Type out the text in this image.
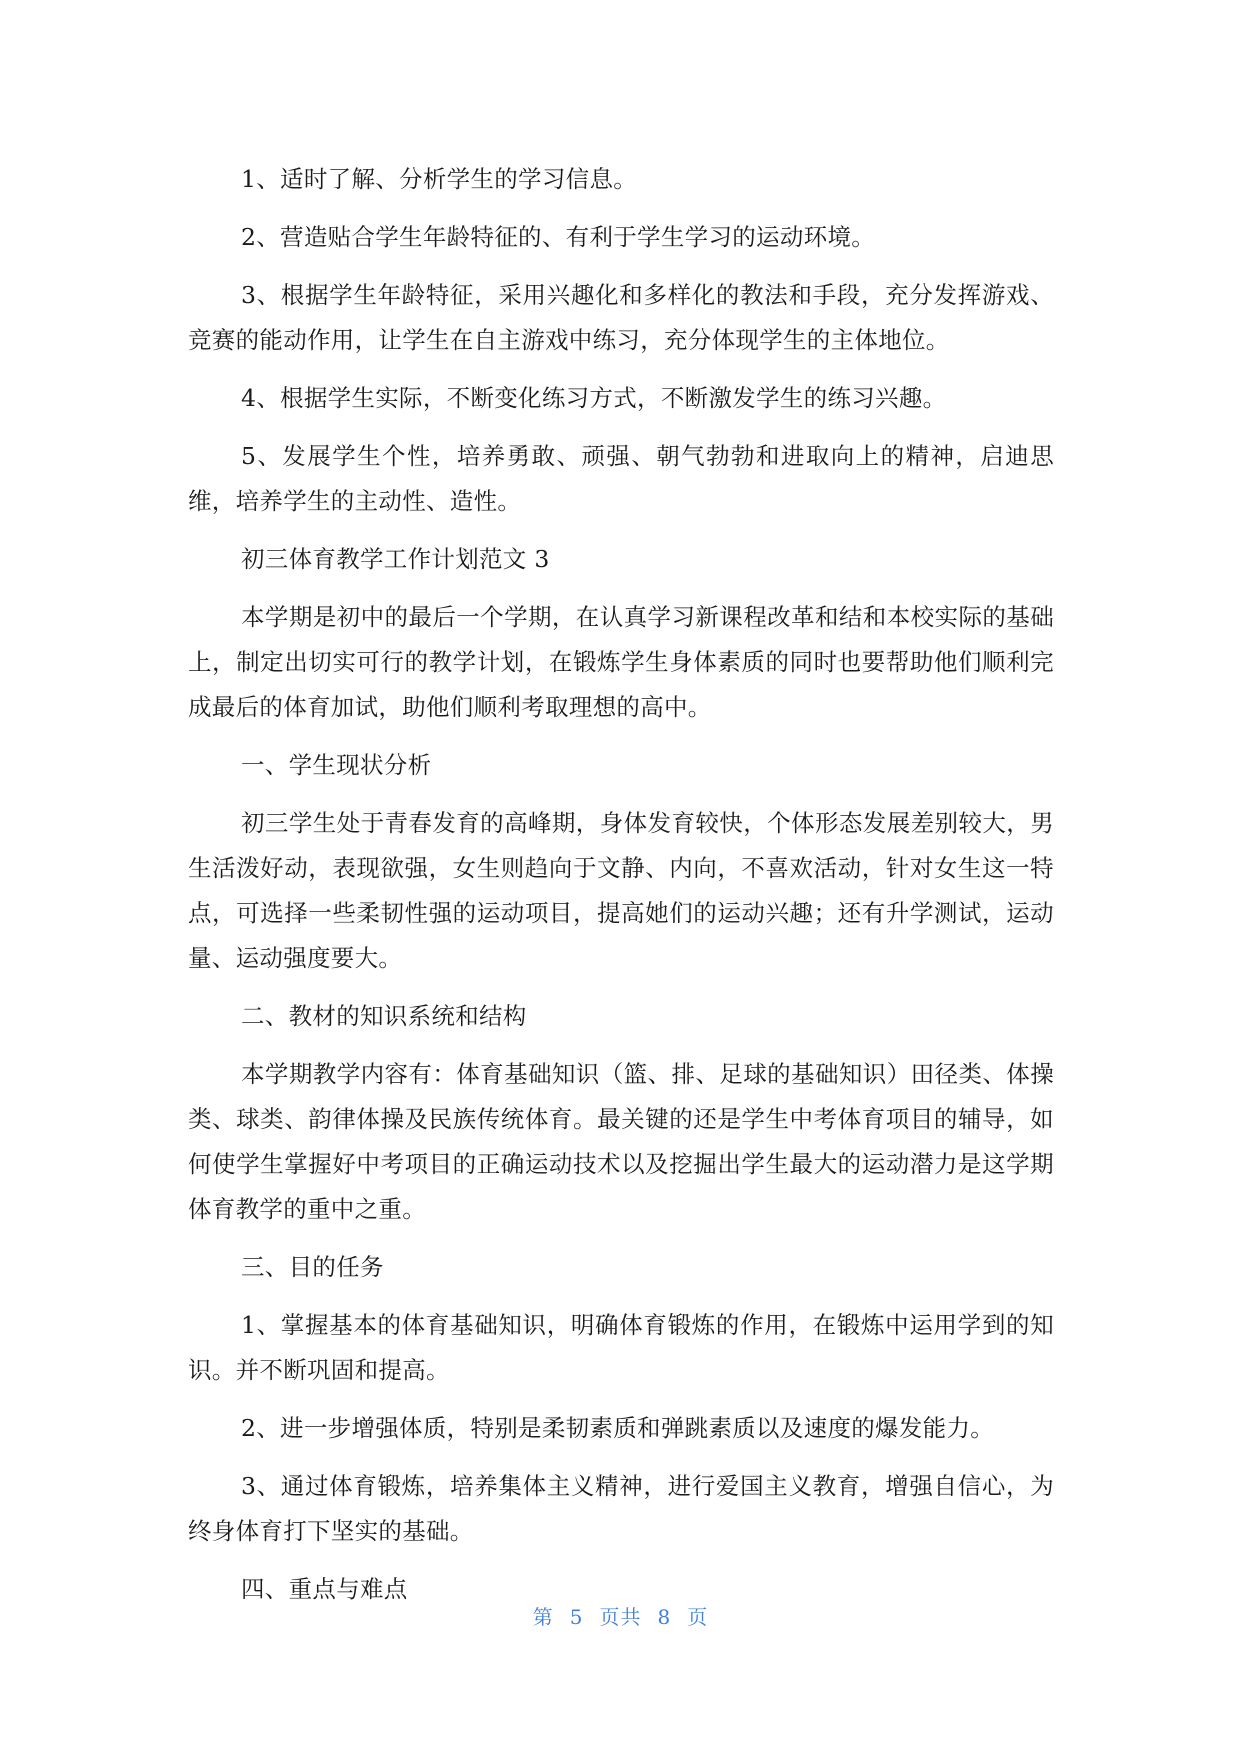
1、适时了解、分析学生的学习信息。

2、营造贴合学生年龄特征的、有利于学生学习的运动环境。

3、根据学生年龄特征，采用兴趣化和多样化的教法和手段，充分发挥游戏、竞赛的能动作用，让学生在自主游戏中练习，充分体现学生的主体地位。

4、根据学生实际，不断变化练习方式，不断激发学生的练习兴趣。

5、发展学生个性，培养勇敢、顽强、朝气勃勃和进取向上的精神，启迪思维，培养学生的主动性、造性。

初三体育教学工作计划范文 3

本学期是初中的最后一个学期，在认真学习新课程改革和结和本校实际的基础上，制定出切实可行的教学计划，在锻炼学生身体素质的同时也要帮助他们顺利完成最后的体育加试，助他们顺利考取理想的高中。

一、学生现状分析

初三学生处于青春发育的高峰期，身体发育较快，个体形态发展差别较大，男生活泼好动，表现欲强，女生则趋向于文静、内向，不喜欢活动，针对女生这一特点，可选择一些柔韧性强的运动项目，提高她们的运动兴趣；还有升学测试，运动量、运动强度要大。

二、教材的知识系统和结构

本学期教学内容有：体育基础知识（篮、排、足球的基础知识）田径类、体操类、球类、韵律体操及民族传统体育。最关键的还是学生中考体育项目的辅导，如何使学生掌握好中考项目的正确运动技术以及挖掘出学生最大的运动潜力是这学期体育教学的重中之重。

三、目的任务

1、掌握基本的体育基础知识，明确体育锻炼的作用，在锻炼中运用学到的知识。并不断巩固和提高。

2、进一步增强体质，特别是柔韧素质和弹跳素质以及速度的爆发能力。

3、通过体育锻炼，培养集体主义精神，进行爱国主义教育，增强自信心，为终身体育打下坚实的基础。

四、重点与难点

第 5 页共 8 页
